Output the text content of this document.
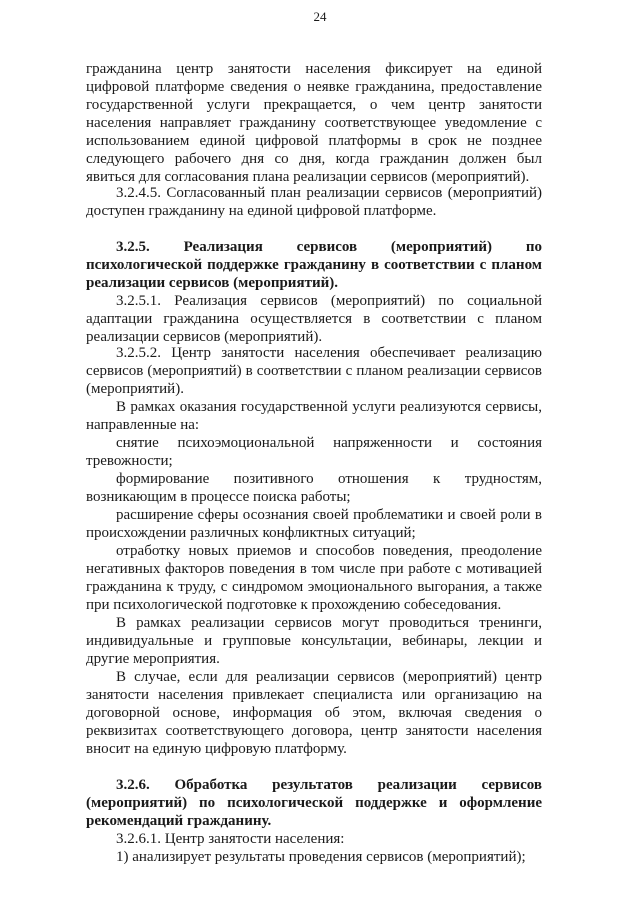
24
гражданина центр занятости населения фиксирует на единой
цифровой платформе сведения о неявке гражданина, предоставление
государственной услуги прекращается, о чем центр занятости
населения направляет гражданину соответствующее уведомление с
использованием единой цифровой платформы в срок не позднее
следующего рабочего дня со дня, когда гражданин должен был
явиться для согласования плана реализации сервисов (мероприятий).
3.2.4.5. Согласованный план реализации сервисов (мероприятий)
доступен гражданину на единой цифровой платформе.
3.2.5. Реализация сервисов (мероприятий) по
психологической поддержке гражданину в соответствии с планом
реализации сервисов (мероприятий).
3.2.5.1. Реализация сервисов (мероприятий) по социальной
адаптации гражданина осуществляется в соответствии с планом
реализации сервисов (мероприятий).
3.2.5.2. Центр занятости населения обеспечивает реализацию
сервисов (мероприятий) в соответствии с планом реализации сервисов
(мероприятий).
В рамках оказания государственной услуги реализуются сервисы,
направленные на:
снятие психоэмоциональной напряженности и состояния
тревожности;
формирование позитивного отношения к трудностям,
возникающим в процессе поиска работы;
расширение сферы осознания своей проблематики и своей роли в
происхождении различных конфликтных ситуаций;
отработку новых приемов и способов поведения, преодоление
негативных факторов поведения в том числе при работе с мотивацией
гражданина к труду, с синдромом эмоционального выгорания, а также
при психологической подготовке к прохождению собеседования.
В рамках реализации сервисов могут проводиться тренинги,
индивидуальные и групповые консультации, вебинары, лекции и
другие мероприятия.
В случае, если для реализации сервисов (мероприятий) центр
занятости населения привлекает специалиста или организацию на
договорной основе, информация об этом, включая сведения о
реквизитах соответствующего договора, центр занятости населения
вносит на единую цифровую платформу.
3.2.6. Обработка результатов реализации сервисов
(мероприятий) по психологической поддержке и оформление
рекомендаций гражданину.
3.2.6.1. Центр занятости населения:
1) анализирует результаты проведения сервисов (мероприятий);
